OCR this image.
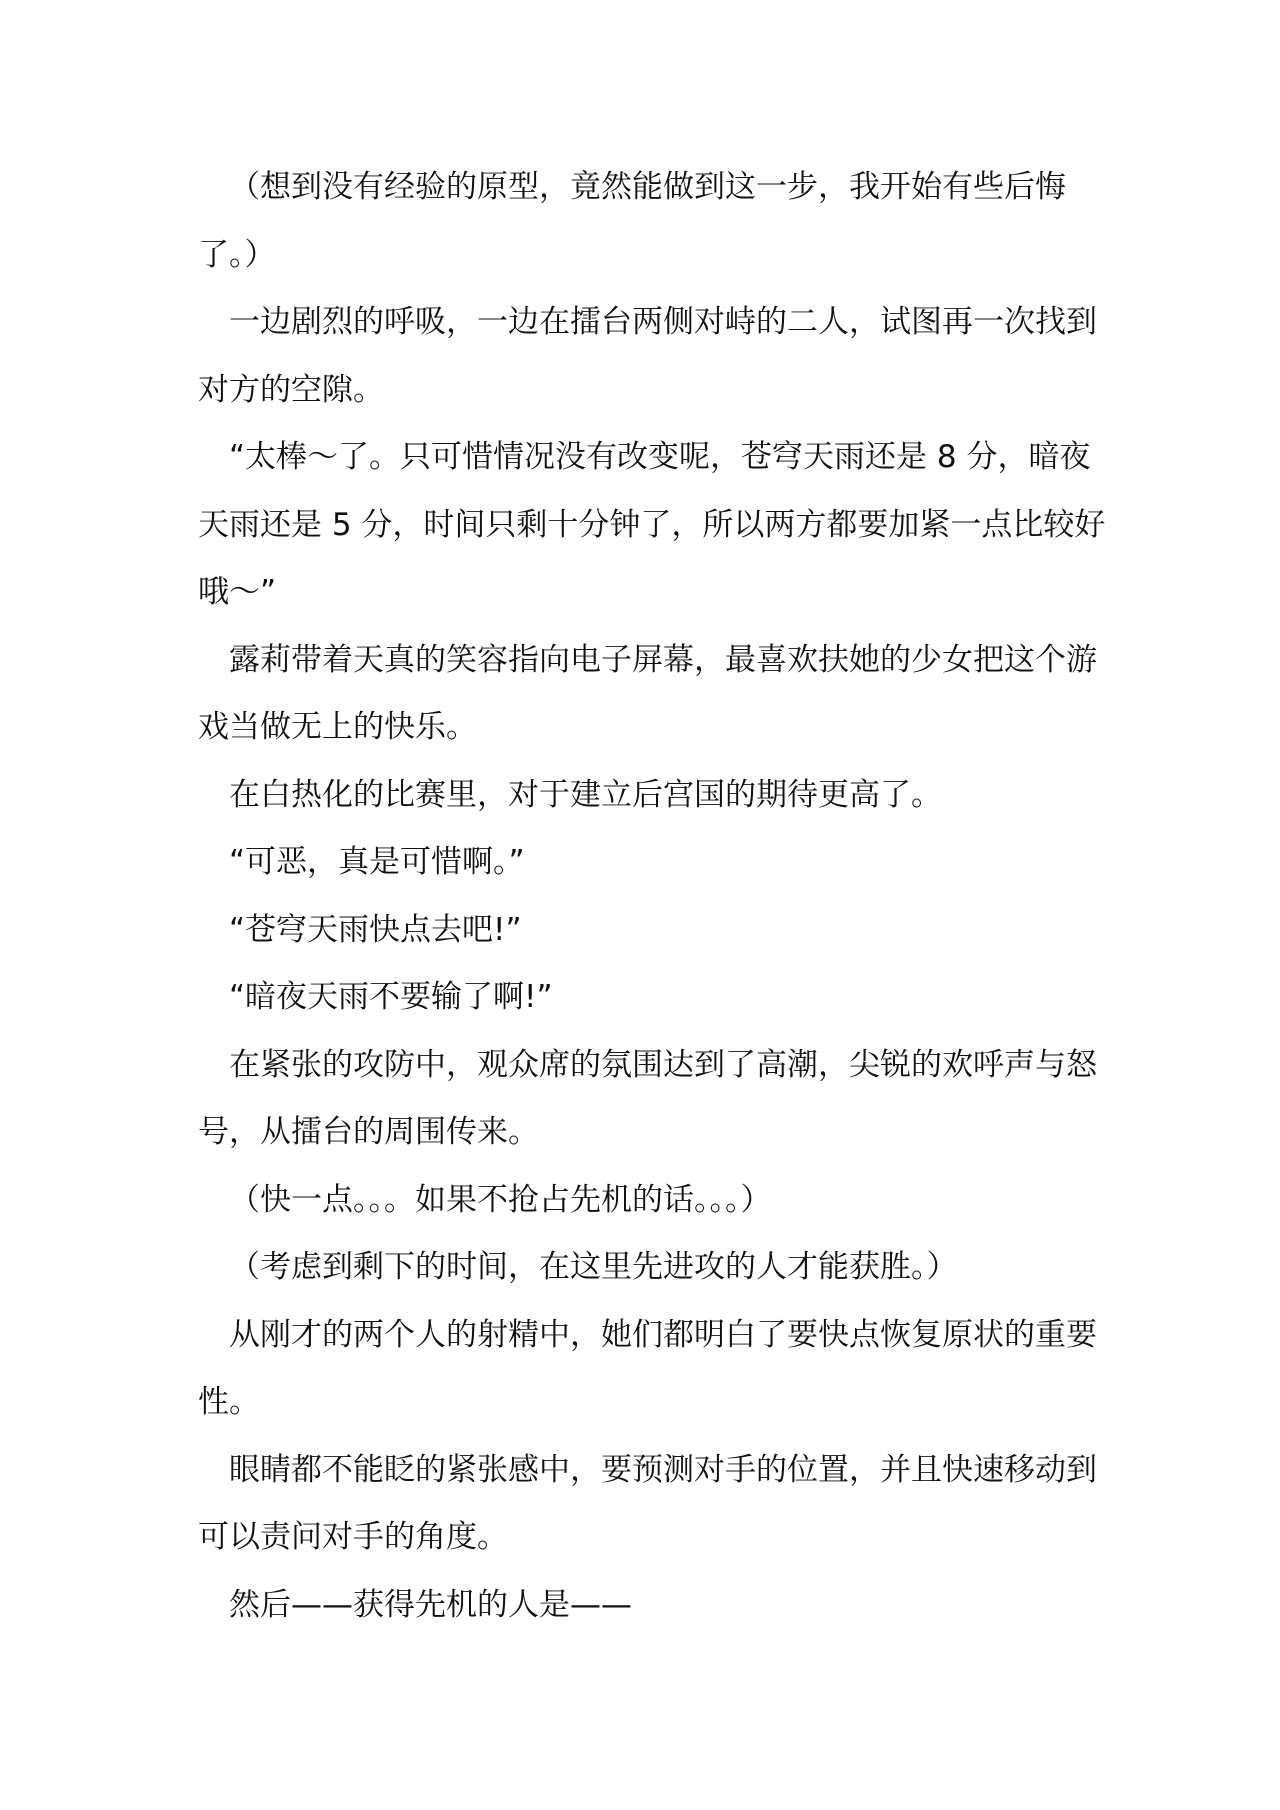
（想到没有经验的原型，竟然能做到这一步，我开始有些后悔
了。）
一边剧烈的呼吸，一边在擂台两侧对峙的二人，试图再一次找到
对方的空隙。
“太棒～了。只可惜情况没有改变呢，苍穹天雨还是 8 分，暗夜
天雨还是 5 分，时间只剩十分钟了，所以两方都要加紧一点比较好
哦～”
露莉带着天真的笑容指向电子屏幕，最喜欢扶她的少女把这个游
戏当做无上的快乐。
在白热化的比赛里，对于建立后宫国的期待更高了。
“可恶，真是可惜啊。”
“苍穹天雨快点去吧!”
“暗夜天雨不要输了啊!”
在紧张的攻防中，观众席的氛围达到了高潮，尖锐的欢呼声与怒
号，从擂台的周围传来。
（快一点。。。如果不抢占先机的话。。。）
（考虑到剩下的时间，在这里先进攻的人才能获胜。）
从刚才的两个人的射精中，她们都明白了要快点恢复原状的重要
性。
眼睛都不能眨的紧张感中，要预测对手的位置，并且快速移动到
可以责问对手的角度。
然后——获得先机的人是——
